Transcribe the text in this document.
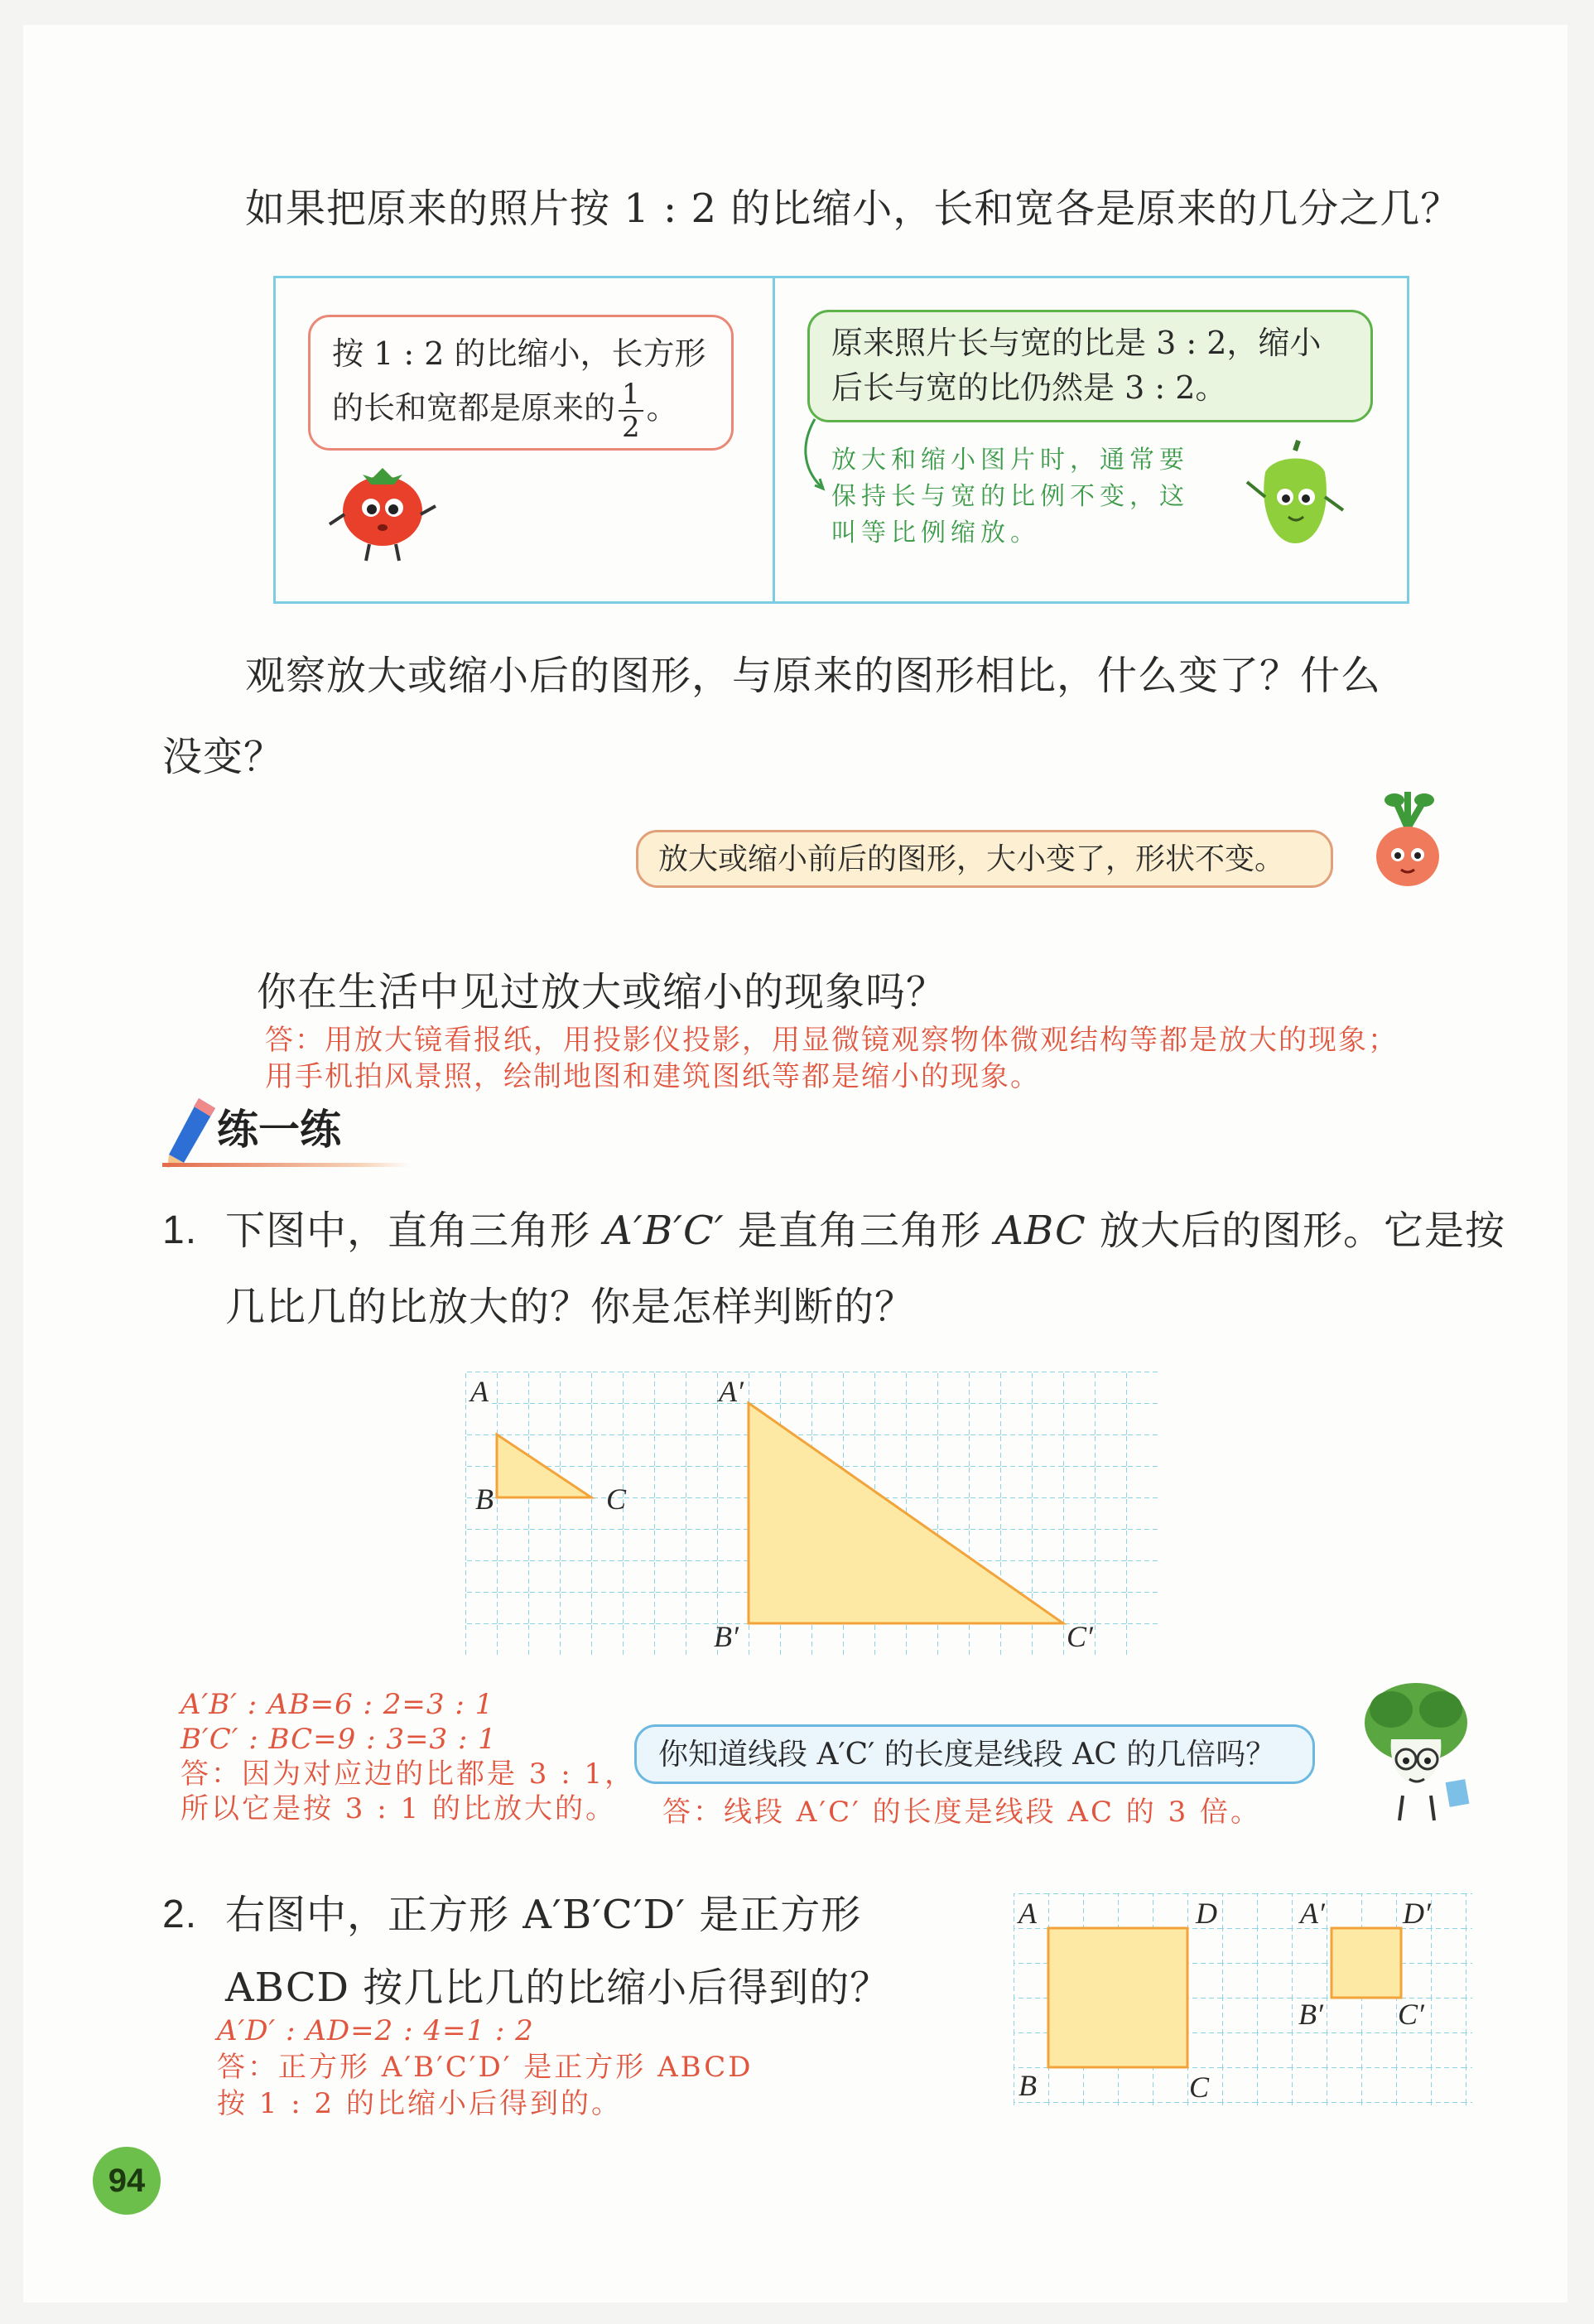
如果把原来的照片按 1 : 2 的比缩小，长和宽各是原来的几分之几？
按 1 : 2 的比缩小，长方形
的长和宽都是原来的 $\frac{1}{2}$ 。
原来照片长与宽的比是 3 : 2，缩小
后长与宽的比仍然是 3 : 2。
放大和缩小图片时，通常要
保持长与宽的比例不变，这
叫等比例缩放。
观察放大或缩小后的图形，与原来的图形相比，什么变了？什么
没变？
放大或缩小前后的图形，大小变了，形状不变。
你在生活中见过放大或缩小的现象吗？
答：用放大镜看报纸，用投影仪投影，用显微镜观察物体微观结构等都是放大的现象；
用手机拍风景照，绘制地图和建筑图纸等都是缩小的现象。
练一练
1. 下图中，直角三角形 A′B′C′ 是直角三角形 ABC 放大后的图形。它是按
几比几的比放大的？你是怎样判断的？
A
B	C
A′
B′	C′
A′B′ : AB=6 : 2=3 : 1
B′C′ : BC=9 : 3=3 : 1
答：因为对应边的比都是 3 : 1，
所以它是按 3 : 1 的比放大的。
你知道线段 A′C′ 的长度是线段 AC 的几倍吗？
答：线段 A′C′ 的长度是线段 AC 的 3 倍。
2. 右图中，正方形 A′B′C′D′ 是正方形
ABCD 按几比几的比缩小后得到的？
A′D′ : AD=2 : 4=1 : 2
答：正方形 A′B′C′D′ 是正方形 ABCD
按 1 : 2 的比缩小后得到的。
A	D
B	C
A′	D′
B′	C′
94
